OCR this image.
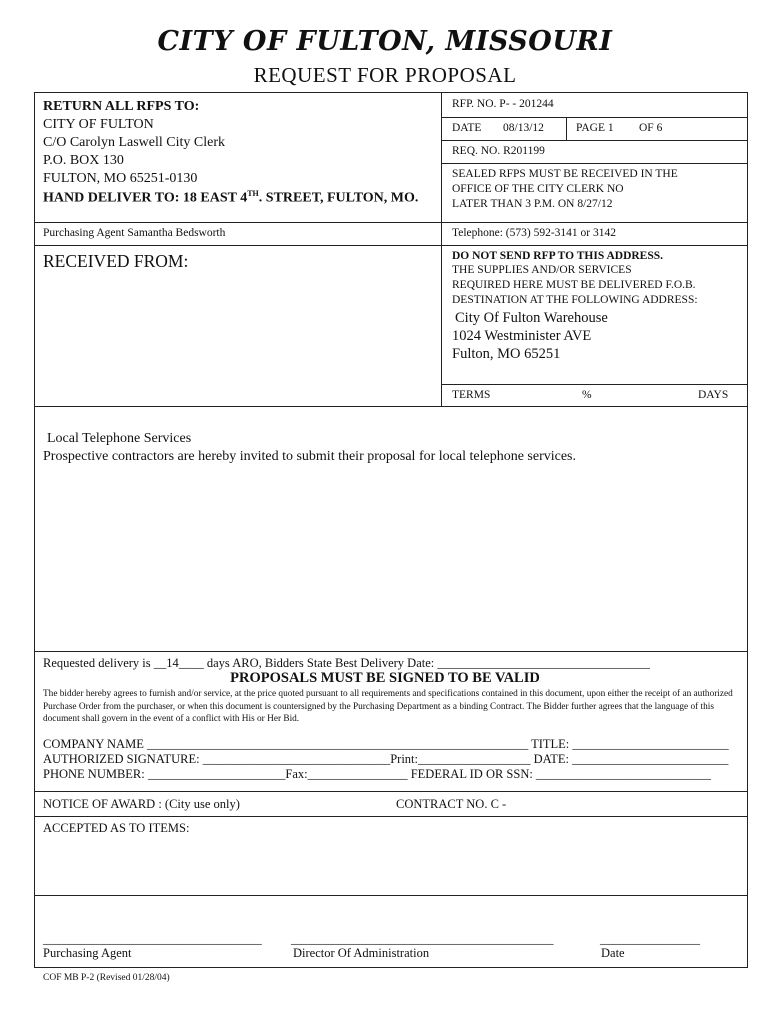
CITY OF FULTON, MISSOURI
REQUEST FOR PROPOSAL
RETURN ALL RFPS TO:
CITY OF FULTON
C/O Carolyn Laswell City Clerk
P.O. BOX 130
FULTON, MO 65251-0130
HAND DELIVER TO: 18 EAST 4TH. STREET, FULTON, MO.
RFP. NO. P- - 201244
DATE 08/13/12	PAGE 1 OF 6
REQ. NO. R201199
SEALED RFPS MUST BE RECEIVED IN THE
OFFICE OF THE CITY CLERK NO
LATER THAN 3 P.M. ON 8/27/12
Purchasing Agent Samantha Bedsworth	Telephone: (573) 592-3141 or 3142
RECEIVED FROM:	DO NOT SEND RFP TO THIS ADDRESS.
THE SUPPLIES AND/OR SERVICES
REQUIRED HERE MUST BE DELIVERED F.O.B.
DESTINATION AT THE FOLLOWING ADDRESS:
City Of Fulton Warehouse
1024 Westminister AVE
Fulton, MO 65251
TERMS	%	DAYS
Local Telephone Services
Prospective contractors are hereby invited to submit their proposal for local telephone services.
Requested delivery is __14____ days ARO, Bidders State Best Delivery Date: __________________________________
PROPOSALS MUST BE SIGNED TO BE VALID
The bidder hereby agrees to furnish and/or service, at the price quoted pursuant to all requirements and specifications contained in this document, upon either the receipt of an authorized Purchase Order from the purchaser, or when this document is countersigned by the Purchasing Department as a binding Contract. The Bidder further agrees that the language of this document shall govern in the event of a conflict with His or Her Bid.
COMPANY NAME _____________________________________________________________ TITLE: _________________________
AUTHORIZED SIGNATURE: ______________________________Print:__________________ DATE: _________________________
PHONE NUMBER: ______________________Fax:________________ FEDERAL ID OR SSN: ____________________________
NOTICE OF AWARD : (City use only)	CONTRACT NO. C -
ACCEPTED AS TO ITEMS:
___________________________________ __________________________________________	________________
Purchasing Agent	Director Of Administration	Date
COF MB P-2 (Revised 01/28/04)
